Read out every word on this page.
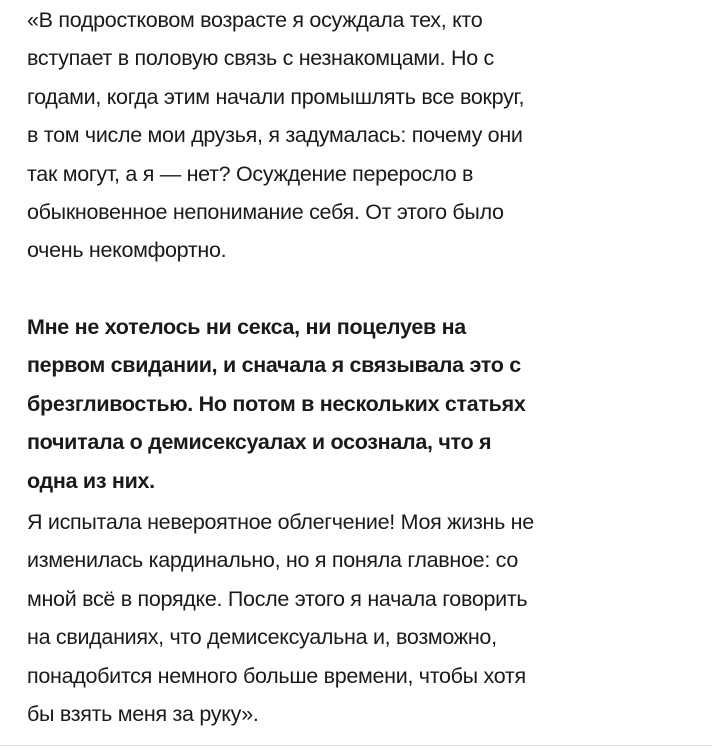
«В подростковом возрасте я осуждала тех, кто
вступает в половую связь с незнакомцами. Но с
годами, когда этим начали промышлять все вокруг,
в том числе мои друзья, я задумалась: почему они
так могут, а я — нет? Осуждение переросло в
обыкновенное непонимание себя. От этого было
очень некомфортно.
Мне не хотелось ни секса, ни поцелуев на
первом свидании, и сначала я связывала это с
брезгливостью. Но потом в нескольких статьях
почитала о демисексуалах и осознала, что я
одна из них.
Я испытала невероятное облегчение! Моя жизнь не
изменилась кардинально, но я поняла главное: со
мной всё в порядке. После этого я начала говорить
на свиданиях, что демисексуальна и, возможно,
понадобится немного больше времени, чтобы хотя
бы взять меня за руку».
